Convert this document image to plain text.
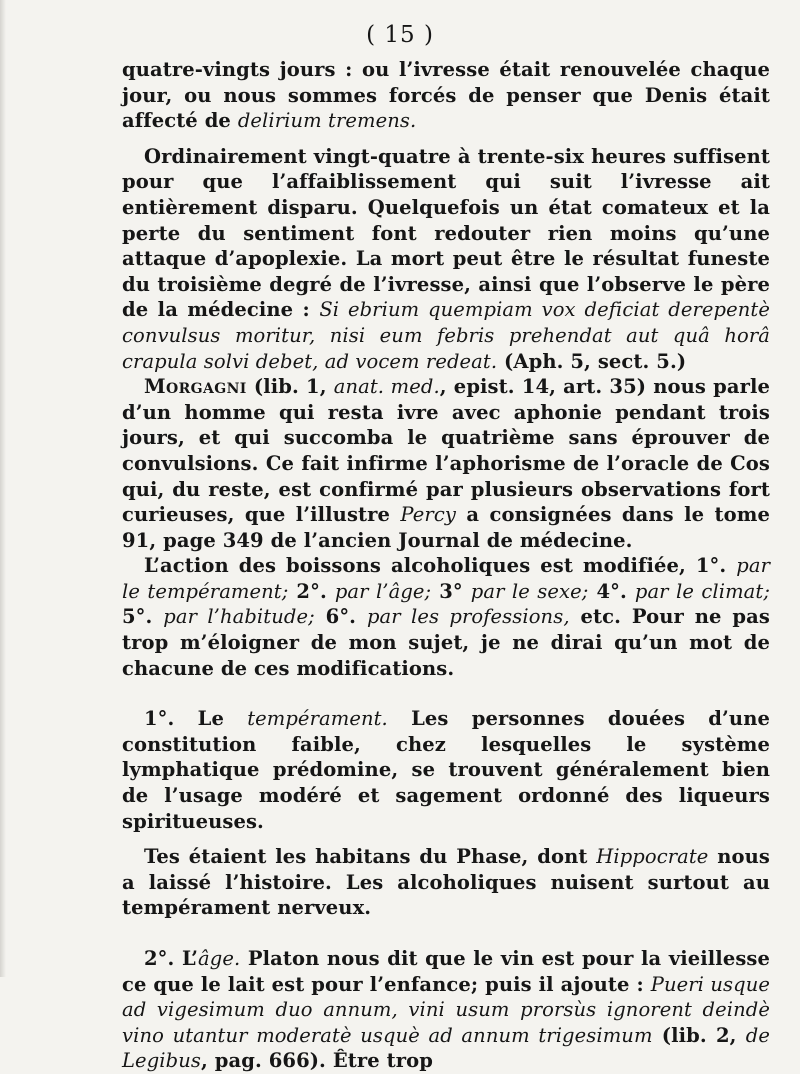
( 15 )

quatre-vingts jours : ou l’ivresse était renouvelée chaque jour, ou nous sommes forcés de penser que Denis était affecté de delirium tremens.

Ordinairement vingt-quatre à trente-six heures suffisent pour que l’affaiblissement qui suit l’ivresse ait entièrement disparu. Quelquefois un état comateux et la perte du sentiment font redouter rien moins qu’une attaque d’apoplexie. La mort peut être le résultat funeste du troisième degré de l’ivresse, ainsi que l’observe le père de la médecine : Si ebrium quempiam vox deficiat derepentè convulsus moritur, nisi eum febris prehendat aut quâ horâ crapula solvi debet, ad vocem redeat. (Aph. 5, sect. 5.)

Morgagni (lib. 1, anat. med., epist. 14, art. 35) nous parle d’un homme qui resta ivre avec aphonie pendant trois jours, et qui succomba le quatrième sans éprouver de convulsions. Ce fait infirme l’aphorisme de l’oracle de Cos qui, du reste, est confirmé par plusieurs observations fort curieuses, que l’illustre Percy a consignées dans le tome 91, page 349 de l’ancien Journal de médecine.

L’action des boissons alcoholiques est modifiée, 1°. par le tempérament; 2°. par l’âge; 3° par le sexe; 4°. par le climat; 5°. par l’habitude; 6°. par les professions, etc. Pour ne pas trop m’éloigner de mon sujet, je ne dirai qu’un mot de chacune de ces modifications.

1°. Le tempérament. Les personnes douées d’une constitution faible, chez lesquelles le système lymphatique prédomine, se trouvent généralement bien de l’usage modéré et sagement ordonné des liqueurs spiritueuses.

Tes étaient les habitans du Phase, dont Hippocrate nous a laissé l’histoire. Les alcoholiques nuisent surtout au tempérament nerveux.

2°. L’âge. Platon nous dit que le vin est pour la vieillesse ce que le lait est pour l’enfance; puis il ajoute : Pueri usque ad vigesimum duo annum, vini usum prorsùs ignorent deindè vino utantur moderatè usquè ad annum trigesimum (lib. 2, de Legibus, pag. 666). Être trop
